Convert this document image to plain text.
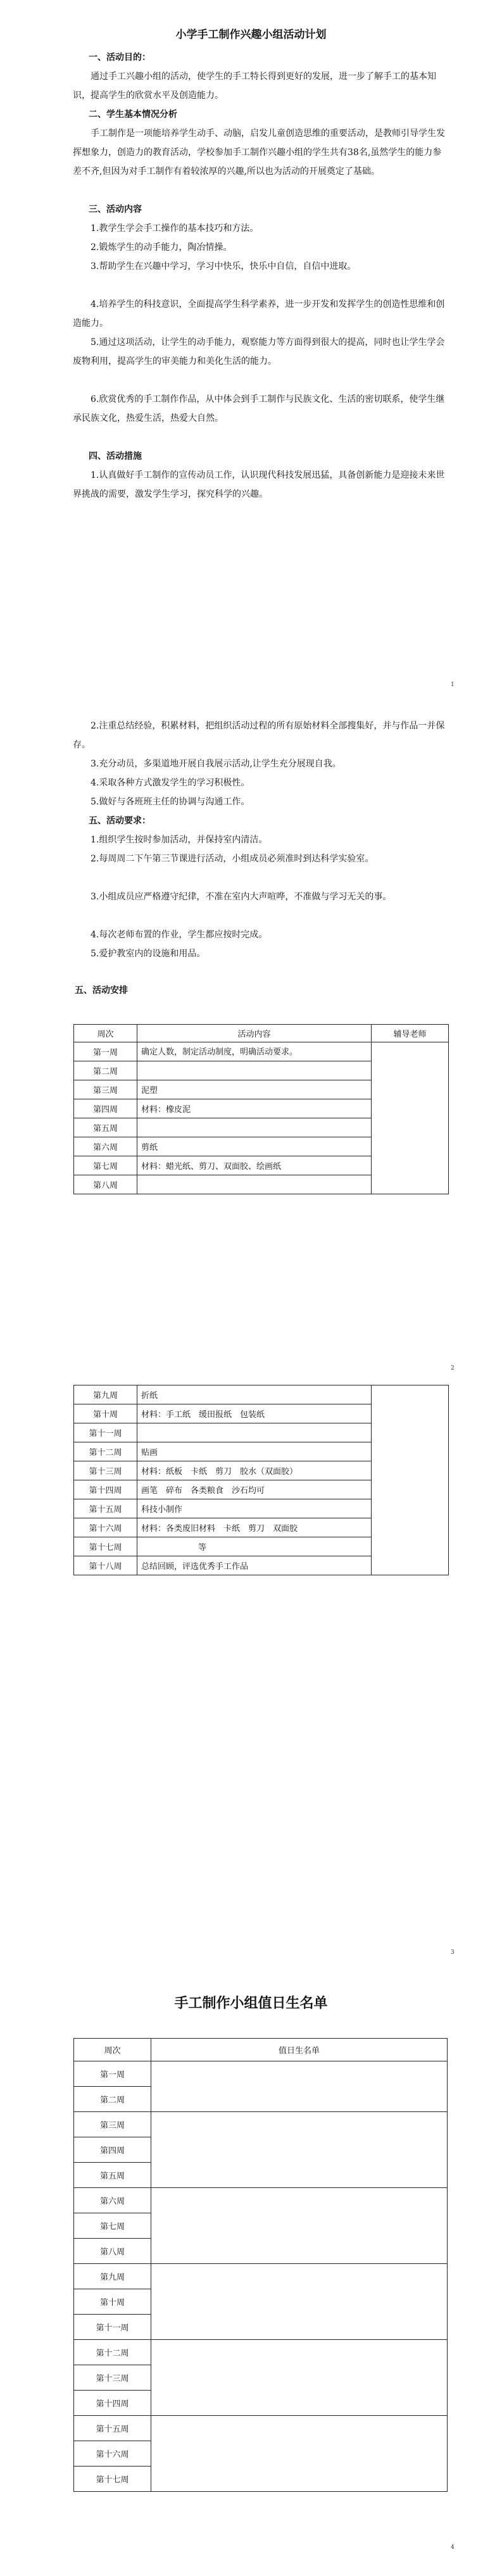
小学手工制作兴趣小组活动计划

一、活动目的：

通过手工兴趣小组的活动，使学生的手工特长得到更好的发展，进一步了解手工的基本知识，提高学生的欣赏水平及创造能力。

二、学生基本情况分析

手工制作是一项能培养学生动手、动脑，启发儿童创造思维的重要活动，是教师引导学生发挥想象力，创造力的教育活动，学校参加手工制作兴趣小组的学生共有38名,虽然学生的能力参差不齐,但因为对手工制作有着较浓厚的兴趣,所以也为活动的开展奠定了基础。

三、活动内容

1.教学生学会手工操作的基本技巧和方法。

2.锻炼学生的动手能力，陶冶情操。

3.帮助学生在兴趣中学习，学习中快乐，快乐中自信，自信中进取。

4.培养学生的科技意识，全面提高学生科学素养，进一步开发和发挥学生的创造性思维和创造能力。

5.通过这项活动，让学生的动手能力，观察能力等方面得到很大的提高，同时也让学生学会废物利用，提高学生的审美能力和美化生活的能力。

6.欣赏优秀的手工制作作品，从中体会到手工制作与民族文化、生活的密切联系，使学生继承民族文化，热爱生活，热爱大自然。

四、活动措施

1.认真做好手工制作的宣传动员工作，认识现代科技发展迅猛，具备创新能力是迎接未来世界挑战的需要，激发学生学习，探究科学的兴趣。

1

2.注重总结经验，积累材料，把组织活动过程的所有原始材料全部搜集好，并与作品一并保存。

3.充分动员，多渠道地开展自我展示活动,让学生充分展现自我。

4.采取各种方式激发学生的学习积极性。

5.做好与各班班主任的协调与沟通工作。

五、活动要求：

1.组织学生按时参加活动，并保持室内清洁。

2.每周周二下午第三节课进行活动，小组成员必须准时到达科学实验室。

3.小组成员应严格遵守纪律，不准在室内大声喧哗，不准做与学习无关的事。

4.每次老师布置的作业，学生都应按时完成。

5.爱护教室内的设施和用品。

五、活动安排

周次	活动内容	辅导老师
第一周	确定人数，制定活动制度，明确活动要求。	
第二周		
第三周	泥塑	
第四周	材料：橡皮泥	
第五周		
第六周	剪纸	
第七周	材料：蜡光纸、剪刀、双面胶、绘画纸	
第八周		
2
第九周	折纸	
第十周	材料：手工纸　缓田报纸　包装纸	
第十一周		
第十二周	贴画	
第十三周	材料：纸板　卡纸　剪刀　胶水（双面胶）	
第十四周	画笔　碎布　各类粮食　沙石均可	
第十五周	科技小制作	
第十六周	材料：各类废旧材料　卡纸　剪刀　双面胶	
第十七周	等	
第十八周	总结回顾，评选优秀手工作品	
3
手工制作小组值日生名单
周次	值日生名单
第一周	
第二周	
第三周	
第四周	
第五周	
第六周	
第七周	
第八周	
第九周	
第十周	
第十一周	
第十二周	
第十三周	
第十四周	
第十五周	
第十六周	
第十七周	
4
